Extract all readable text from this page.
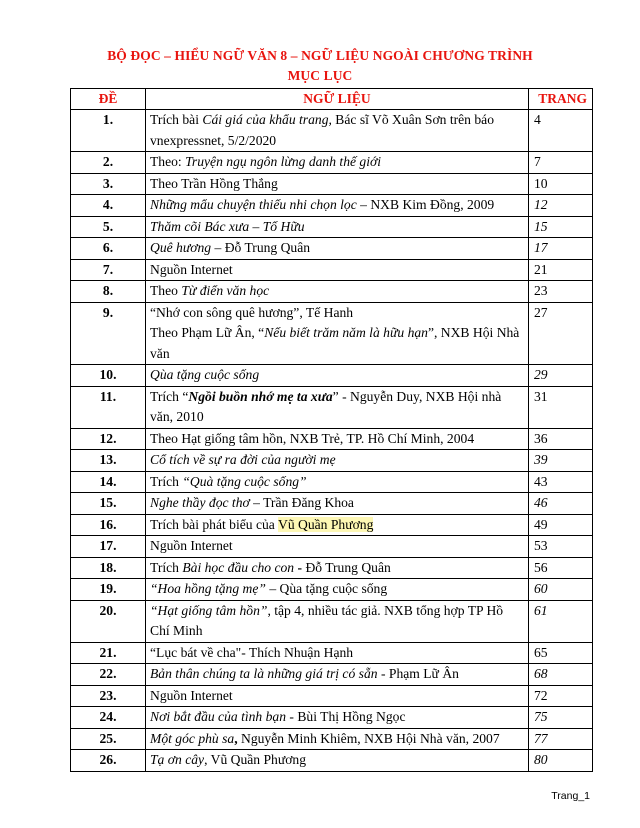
BỘ ĐỌC – HIỂU NGỮ VĂN 8 – NGỮ LIỆU NGOÀI CHƯƠNG TRÌNH
MỤC LỤC
ĐỀ	NGỮ LIỆU	TRANG
1.	Trích bài Cái giá của khẩu trang, Bác sĩ Võ Xuân Sơn trên báo vnexpressnet, 5/2/2020	4
2.	Theo: Truyện ngụ ngôn lừng danh thế giới	7
3.	Theo Trần Hồng Thắng	10
4.	Những mẩu chuyện thiếu nhi chọn lọc – NXB Kim Đồng, 2009	12
5.	Thăm cõi Bác xưa – Tố Hữu	15
6.	Quê hương – Đỗ Trung Quân	17
7.	Nguồn Internet	21
8.	Theo Từ điển văn học	23
9.	“Nhớ con sông quê hương”, Tế Hanh
Theo Phạm Lữ Ân, “Nếu biết trăm năm là hữu hạn”, NXB Hội Nhà văn	27
10.	Qùa tặng cuộc sống	29
11.	Trích “Ngồi buồn nhớ mẹ ta xưa” - Nguyễn Duy, NXB Hội nhà văn, 2010	31
12.	Theo Hạt giống tâm hồn, NXB Trẻ, TP. Hồ Chí Minh, 2004	36
13.	Cổ tích về sự ra đời của người mẹ	39
14.	Trích “Quà tặng cuộc sống”	43
15.	Nghe thầy đọc thơ – Trần Đăng Khoa	46
16.	Trích bài phát biểu của Vũ Quần Phương	49
17.	Nguồn Internet	53
18.	Trích Bài học đầu cho con - Đỗ Trung Quân	56
19.	“Hoa hồng tặng mẹ” – Qùa tặng cuộc sống	60
20.	“Hạt giống tâm hồn”, tập 4, nhiều tác giả. NXB tổng hợp TP Hồ Chí Minh	61
21.	“Lục bát về cha"- Thích Nhuận Hạnh	65
22.	Bản thân chúng ta là những giá trị có sẵn - Phạm Lữ Ân	68
23.	Nguồn Internet	72
24.	Nơi bắt đầu của tình bạn - Bùi Thị Hồng Ngọc	75
25.	Một góc phù sa, Nguyễn Minh Khiêm, NXB Hội Nhà văn, 2007	77
26.	Tạ ơn cây, Vũ Quần Phương	80
Trang_1
